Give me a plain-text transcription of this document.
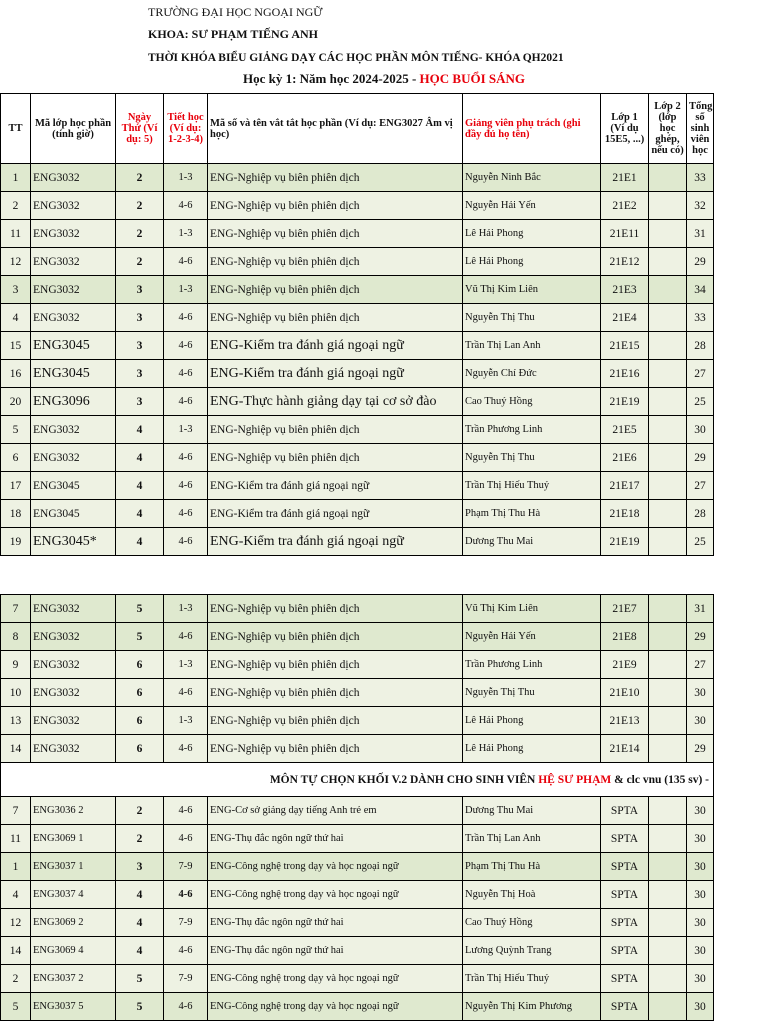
TRƯỜNG ĐẠI HỌC NGOẠI NGỮ
KHOA: SƯ PHẠM TIẾNG ANH
THỜI KHÓA BIỂU GIẢNG DẠY CÁC HỌC PHẦN MÔN TIẾNG- KHÓA QH2021
Học kỳ 1: Năm học 2024-2025 - HỌC BUỔI SÁNG
TT	Mã lớp học phần (tính giờ)	Ngày Thứ (Ví dụ: 5)	Tiết học (Ví dụ: 1-2-3-4)	Mã số và tên vắt tắt học phần (Ví dụ: ENG3027 Âm vị học)	Giảng viên phụ trách (ghi đầy đủ họ tên)	Lớp 1 (Ví dụ 15E5, ...)	Lớp 2 (lớp học ghép, nếu có)	Tổng số sinh viên học
1	ENG3032	2	1-3	ENG-Nghiệp vụ biên phiên dịch	Nguyễn Ninh Bắc	21E1		33
2	ENG3032	2	4-6	ENG-Nghiệp vụ biên phiên dịch	Nguyễn Hải Yến	21E2		32
11	ENG3032	2	1-3	ENG-Nghiệp vụ biên phiên dịch	Lê Hải Phong	21E11		31
12	ENG3032	2	4-6	ENG-Nghiệp vụ biên phiên dịch	Lê Hải Phong	21E12		29
3	ENG3032	3	1-3	ENG-Nghiệp vụ biên phiên dịch	Vũ Thị Kim Liên	21E3		34
4	ENG3032	3	4-6	ENG-Nghiệp vụ biên phiên dịch	Nguyễn Thị Thu	21E4		33
15	ENG3045	3	4-6	ENG-Kiểm tra đánh giá ngoại ngữ	Trần Thị Lan Anh	21E15		28
16	ENG3045	3	4-6	ENG-Kiểm tra đánh giá ngoại ngữ	Nguyễn Chí Đức	21E16		27
20	ENG3096	3	4-6	ENG-Thực hành giảng dạy tại cơ sở đào	Cao Thuý Hồng	21E19		25
5	ENG3032	4	1-3	ENG-Nghiệp vụ biên phiên dịch	Trần Phương Linh	21E5		30
6	ENG3032	4	4-6	ENG-Nghiệp vụ biên phiên dịch	Nguyễn Thị Thu	21E6		29
17	ENG3045	4	4-6	ENG-Kiểm tra đánh giá ngoại ngữ	Trần Thị Hiếu Thuỷ	21E17		27
18	ENG3045	4	4-6	ENG-Kiểm tra đánh giá ngoại ngữ	Phạm Thị Thu Hà	21E18		28
19	ENG3045*	4	4-6	ENG-Kiểm tra đánh giá ngoại ngữ	Dương Thu Mai	21E19		25
7	ENG3032	5	1-3	ENG-Nghiệp vụ biên phiên dịch	Vũ Thị Kim Liên	21E7		31
8	ENG3032	5	4-6	ENG-Nghiệp vụ biên phiên dịch	Nguyễn Hải Yến	21E8		29
9	ENG3032	6	1-3	ENG-Nghiệp vụ biên phiên dịch	Trần Phương Linh	21E9		27
10	ENG3032	6	4-6	ENG-Nghiệp vụ biên phiên dịch	Nguyễn Thị Thu	21E10		30
13	ENG3032	6	1-3	ENG-Nghiệp vụ biên phiên dịch	Lê Hải Phong	21E13		30
14	ENG3032	6	4-6	ENG-Nghiệp vụ biên phiên dịch	Lê Hải Phong	21E14		29
MÔN TỰ CHỌN KHỐI V.2 DÀNH CHO SINH VIÊN HỆ SƯ PHẠM & clc vnu (135 sv) -								
7	ENG3036 2	2	4-6	ENG-Cơ sở giảng dạy tiếng Anh trẻ em	Dương Thu Mai	SPTA		30
11	ENG3069 1	2	4-6	ENG-Thụ đắc ngôn ngữ thứ hai	Trần Thị Lan Anh	SPTA		30
1	ENG3037 1	3	7-9	ENG-Công nghệ trong dạy và học ngoại ngữ	Phạm Thị Thu Hà	SPTA		30
4	ENG3037 4	4	4-6	ENG-Công nghệ trong dạy và học ngoại ngữ	Nguyễn Thị Hoà	SPTA		30
12	ENG3069 2	4	7-9	ENG-Thụ đắc ngôn ngữ thứ hai	Cao Thuý Hồng	SPTA		30
14	ENG3069 4	4	4-6	ENG-Thụ đắc ngôn ngữ thứ hai	Lương Quỳnh Trang	SPTA		30
2	ENG3037 2	5	7-9	ENG-Công nghệ trong dạy và học ngoại ngữ	Trần Thị Hiếu Thuỷ	SPTA		30
5	ENG3037 5	5	4-6	ENG-Công nghệ trong dạy và học ngoại ngữ	Nguyễn Thị Kim Phương	SPTA		30
